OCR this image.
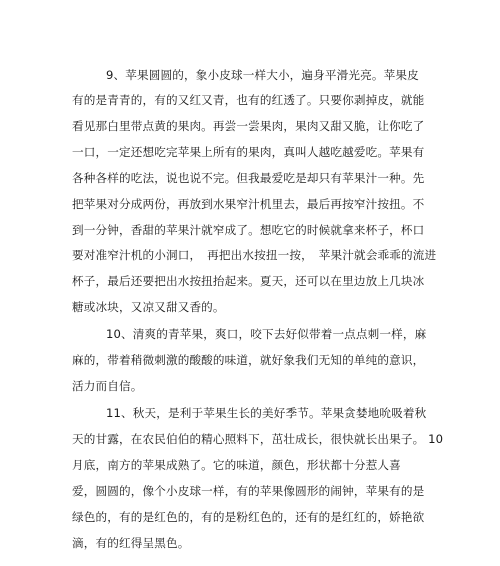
9、苹果圆圆的，象小皮球一样大小，遍身平滑光亮。苹果皮
有的是青青的，有的又红又青，也有的红透了。只要你剥掉皮，就能
看见那白里带点黄的果肉。再尝一尝果肉，果肉又甜又脆，让你吃了
一口，一定还想吃完苹果上所有的果肉，真叫人越吃越爱吃。苹果有
各种各样的吃法，说也说不完。但我最爱吃是却只有苹果汁一种。先
把苹果对分成两份，再放到水果窄汁机里去，最后再按窄汁按扭。不
到一分钟，香甜的苹果汁就窄成了。想吃它的时候就拿来杯子，杯口
要对准窄汁机的小洞口，　再把出水按扭一按，　苹果汁就会乖乖的流进
杯子，最后还要把出水按扭抬起来。夏天，还可以在里边放上几块冰
糖或冰块，又凉又甜又香的。
10、清爽的青苹果，爽口，咬下去好似带着一点点刺一样，麻
麻的，带着稍微刺激的酸酸的味道，就好象我们无知的单纯的意识，
活力而自信。
11、秋天，是利于苹果生长的美好季节。苹果贪婪地吮吸着秋
天的甘露，在农民伯伯的精心照料下，茁壮成长，很快就长出果子。 10
月底，南方的苹果成熟了。它的味道，颜色，形状都十分惹人喜
爱，圆圆的，像个小皮球一样，有的苹果像圆形的闹钟，苹果有的是
绿色的，有的是红色的，有的是粉红色的，还有的是红红的，娇艳欲
滴，有的红得呈黑色。
